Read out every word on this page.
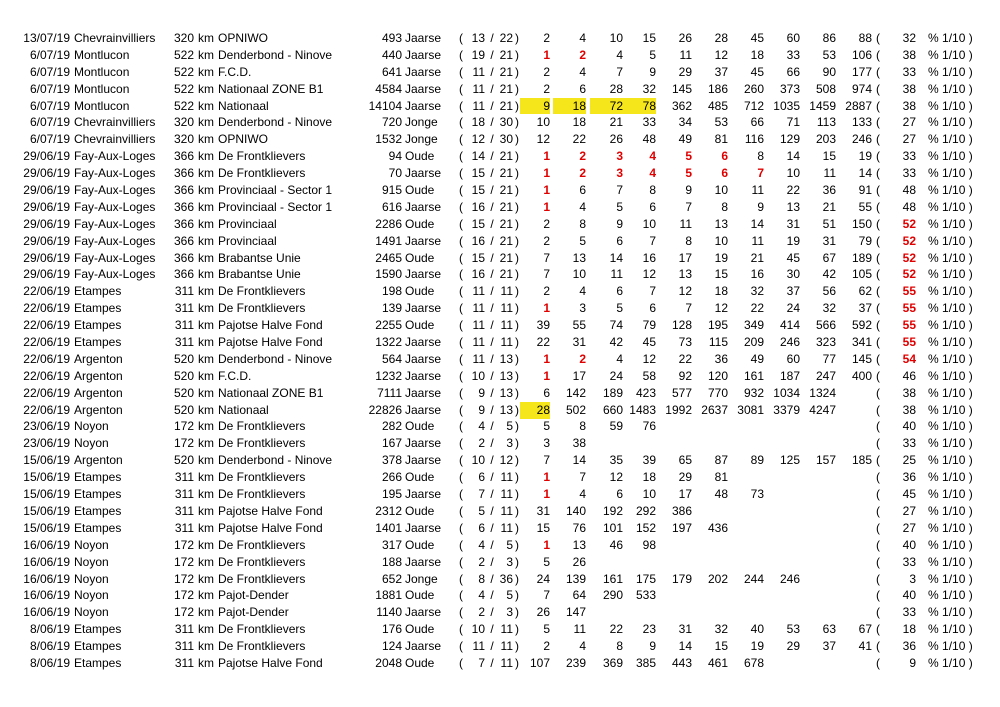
13/07/19 Chevrainvilliers	320 km OPNIWO	493 Jaarse	( 13 / 22 )	2	4	10	15	26	28	45	60	86	88 (	32 % 1/10 )
6/07/19 Montlucon	522 km Denderbond - Ninove	440 Jaarse	( 19 / 21 )	1	2	4	5	11	12	18	33	53	106 (	38 % 1/10 )
6/07/19 Montlucon	522 km F.C.D.	641 Jaarse	( 11 / 21 )	2	4	7	9	29	37	45	66	90	177 (	33 % 1/10 )
6/07/19 Montlucon	522 km Nationaal ZONE B1	4584 Jaarse	( 11 / 21 )	2	6	28	32	145	186	260	373	508	974 (	38 % 1/10 )
6/07/19 Montlucon	522 km Nationaal	14104 Jaarse	( 11 / 21 )	9	18	72	78	362	485	712 1035 1459 2887 (	38 % 1/10 )
6/07/19 Chevrainvilliers	320 km Denderbond - Ninove	720 Jonge	( 18 / 30 )	10	18	21	33	34	53	66	71	113	133 (	27 % 1/10 )
6/07/19 Chevrainvilliers	320 km OPNIWO	1532 Jonge	( 12 / 30 )	12	22	26	48	49	81	116	129	203	246 (	27 % 1/10 )
29/06/19 Fay-Aux-Loges	366 km De Frontklievers	94 Oude	( 14 / 21 )	1	2	3	4	5	6	8	14	15	19 (	33 % 1/10 )
29/06/19 Fay-Aux-Loges	366 km De Frontklievers	70 Jaarse	( 15 / 21 )	1	2	3	4	5	6	7	10	11	14 (	33 % 1/10 )
29/06/19 Fay-Aux-Loges	366 km Provinciaal - Sector 1	915 Oude	( 15 / 21 )	1	6	7	8	9	10	11	22	36	91 (	48 % 1/10 )
29/06/19 Fay-Aux-Loges	366 km Provinciaal - Sector 1	616 Jaarse	( 16 / 21 )	1	4	5	6	7	8	9	13	21	55 (	48 % 1/10 )
29/06/19 Fay-Aux-Loges	366 km Provinciaal	2286 Oude	( 15 / 21 )	2	8	9	10	11	13	14	31	51	150 (	52 % 1/10 )
29/06/19 Fay-Aux-Loges	366 km Provinciaal	1491 Jaarse	( 16 / 21 )	2	5	6	7	8	10	11	19	31	79 (	52 % 1/10 )
29/06/19 Fay-Aux-Loges	366 km Brabantse Unie	2465 Oude	( 15 / 21 )	7	13	14	16	17	19	21	45	67	189 (	52 % 1/10 )
29/06/19 Fay-Aux-Loges	366 km Brabantse Unie	1590 Jaarse	( 16 / 21 )	7	10	11	12	13	15	16	30	42	105 (	52 % 1/10 )
22/06/19 Etampes	311 km De Frontklievers	198 Oude	( 11 / 11 )	2	4	6	7	12	18	32	37	56	62 (	55 % 1/10 )
22/06/19 Etampes	311 km De Frontklievers	139 Jaarse	( 11 / 11 )	1	3	5	6	7	12	22	24	32	37 (	55 % 1/10 )
22/06/19 Etampes	311 km Pajotse Halve Fond	2255 Oude	( 11 / 11 )	39	55	74	79	128	195	349	414	566	592 (	55 % 1/10 )
22/06/19 Etampes	311 km Pajotse Halve Fond	1322 Jaarse	( 11 / 11 )	22	31	42	45	73	115	209	246	323	341 (	55 % 1/10 )
22/06/19 Argenton	520 km Denderbond - Ninove	564 Jaarse	( 11 / 13 )	1	2	4	12	22	36	49	60	77	145 (	54 % 1/10 )
22/06/19 Argenton	520 km F.C.D.	1232 Jaarse	( 10 / 13 )	1	17	24	58	92	120	161	187	247	400 (	46 % 1/10 )
22/06/19 Argenton	520 km Nationaal ZONE B1	7111 Jaarse	(	9 / 13 )	6	142	189	423	577	770	932 1034 1324	(	38 % 1/10 )
22/06/19 Argenton	520 km Nationaal	22826 Jaarse	(	9 / 13 )	28	502	660 1483 1992 2637 3081 3379 4247	(	38 % 1/10 )
23/06/19 Noyon	172 km De Frontklievers	282 Oude	(	4 /	5 )	5	8	59	76	(	40 % 1/10 )
23/06/19 Noyon	172 km De Frontklievers	167 Jaarse	(	2 /	3 )	3	38	(	33 % 1/10 )
15/06/19 Argenton	520 km Denderbond - Ninove	378 Jaarse	( 10 / 12 )	7	14	35	39	65	87	89	125	157	185 (	25 % 1/10 )
15/06/19 Etampes	311 km De Frontklievers	266 Oude	(	6 / 11 )	1	7	12	18	29	81	(	36 % 1/10 )
15/06/19 Etampes	311 km De Frontklievers	195 Jaarse	(	7 / 11 )	1	4	6	10	17	48	73	(	45 % 1/10 )
15/06/19 Etampes	311 km Pajotse Halve Fond	2312 Oude	(	5 / 11 )	31	140	192	292	386	(	27 % 1/10 )
15/06/19 Etampes	311 km Pajotse Halve Fond	1401 Jaarse	(	6 / 11 )	15	76	101	152	197	436	(	27 % 1/10 )
16/06/19 Noyon	172 km De Frontklievers	317 Oude	(	4 /	5 )	1	13	46	98	(	40 % 1/10 )
16/06/19 Noyon	172 km De Frontklievers	188 Jaarse	(	2 /	3 )	5	26	(	33 % 1/10 )
16/06/19 Noyon	172 km De Frontklievers	652 Jonge	(	8 / 36 )	24	139	161	175	179	202	244	246	(	3 % 1/10 )
16/06/19 Noyon	172 km Pajot-Dender	1881 Oude	(	4 /	5 )	7	64	290	533	(	40 % 1/10 )
16/06/19 Noyon	172 km Pajot-Dender	1140 Jaarse	(	2 /	3 )	26	147	(	33 % 1/10 )
8/06/19 Etampes	311 km De Frontklievers	176 Oude	( 10 / 11 )	5	11	22	23	31	32	40	53	63	67 (	18 % 1/10 )
8/06/19 Etampes	311 km De Frontklievers	124 Jaarse	( 11 / 11 )	2	4	8	9	14	15	19	29	37	41 (	36 % 1/10 )
8/06/19 Etampes	311 km Pajotse Halve Fond	2048 Oude	(	7 / 11 ) 107	239	369	385	443	461	678	(	9 % 1/10 )
